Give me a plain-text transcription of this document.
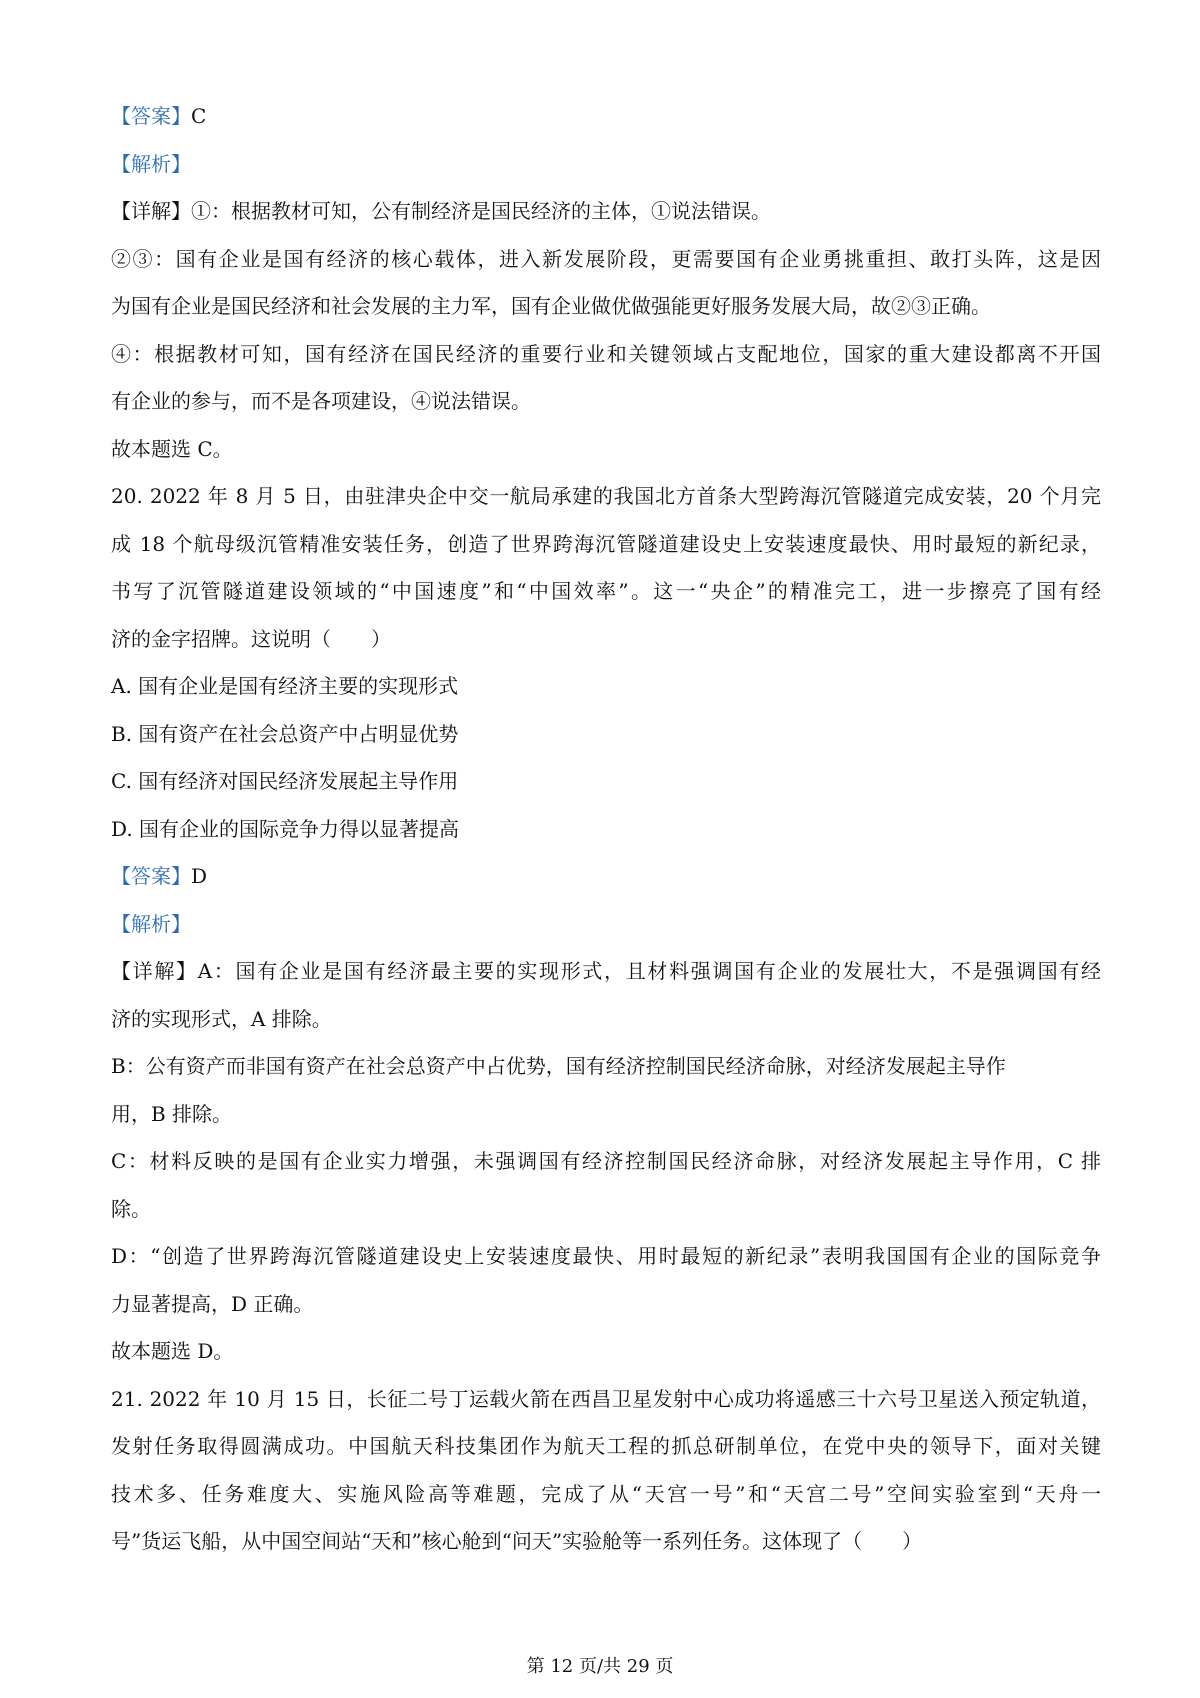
【答案】C
【解析】
【详解】①：根据教材可知，公有制经济是国民经济的主体，①说法错误。
②③：国有企业是国有经济的核心载体，进入新发展阶段，更需要国有企业勇挑重担、敢打头阵，这是因
为国有企业是国民经济和社会发展的主力军，国有企业做优做强能更好服务发展大局，故②③正确。
④：根据教材可知，国有经济在国民经济的重要行业和关键领域占支配地位，国家的重大建设都离不开国
有企业的参与，而不是各项建设，④说法错误。
故本题选 C。
20. 2022 年 8 月 5 日，由驻津央企中交一航局承建的我国北方首条大型跨海沉管隧道完成安装，20 个月完
成 18 个航母级沉管精准安装任务，创造了世界跨海沉管隧道建设史上安装速度最快、用时最短的新纪录，
书写了沉管隧道建设领域的“中国速度”和“中国效率”。这一“央企”的精准完工，进一步擦亮了国有经
济的金字招牌。这说明（　　）
A. 国有企业是国有经济主要的实现形式
B. 国有资产在社会总资产中占明显优势
C. 国有经济对国民经济发展起主导作用
D. 国有企业的国际竞争力得以显著提高
【答案】D
【解析】
【详解】A：国有企业是国有经济最主要的实现形式，且材料强调国有企业的发展壮大，不是强调国有经
济的实现形式，A 排除。
B：公有资产而非国有资产在社会总资产中占优势，国有经济控制国民经济命脉，对经济发展起主导作
用，B 排除。
C：材料反映的是国有企业实力增强，未强调国有经济控制国民经济命脉，对经济发展起主导作用，C 排
除。
D：“创造了世界跨海沉管隧道建设史上安装速度最快、用时最短的新纪录”表明我国国有企业的国际竞争
力显著提高，D 正确。
故本题选 D。
21. 2022 年 10 月 15 日，长征二号丁运载火箭在西昌卫星发射中心成功将遥感三十六号卫星送入预定轨道，
发射任务取得圆满成功。中国航天科技集团作为航天工程的抓总研制单位，在党中央的领导下，面对关键
技术多、任务难度大、实施风险高等难题，完成了从“天宫一号”和“天宫二号”空间实验室到“天舟一
号”货运飞船，从中国空间站“天和”核心舱到“问天”实验舱等一系列任务。这体现了（　　）
第 12 页/共 29 页
